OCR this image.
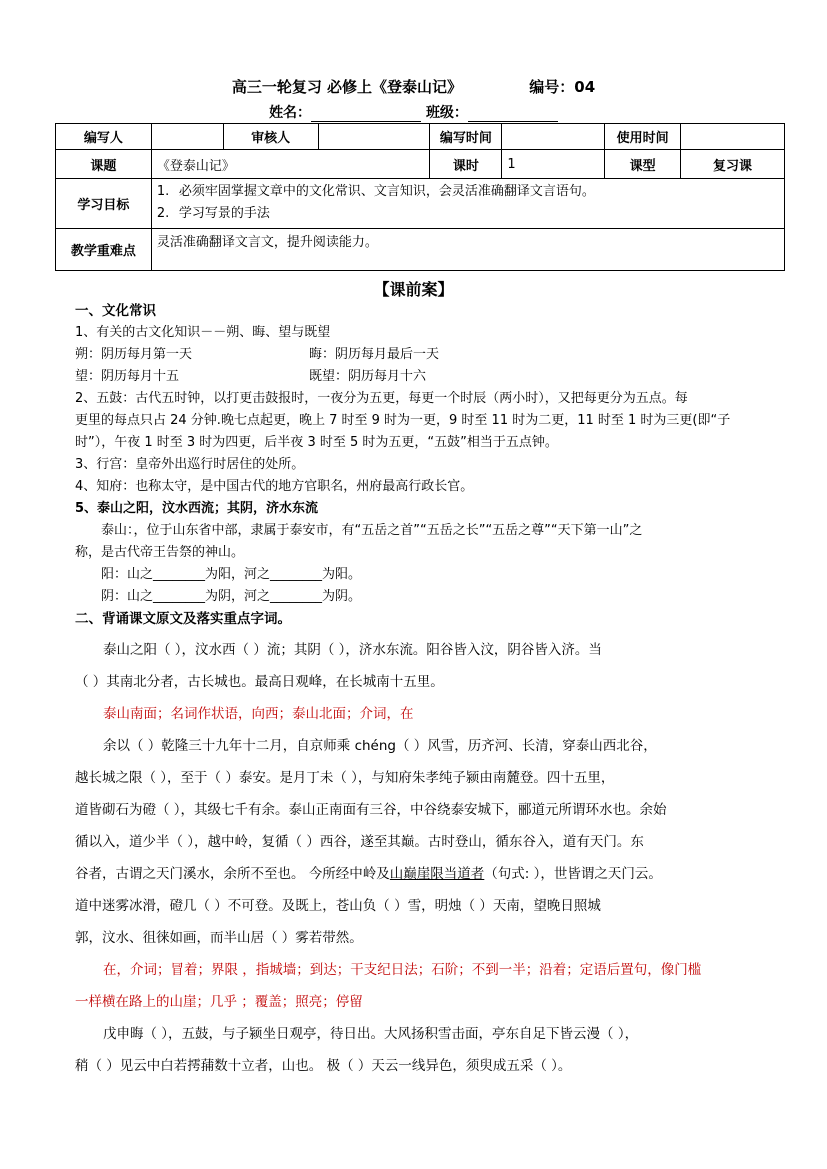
高三一轮复习 必修上《登泰山记》	编号：04
姓名：	班级：
编写人		审核人		编写时间		使用时间	
课题	《登泰山记》			课时	1	课型	复习课
学习目标	1. 必须牢固掌握文章中的文化常识、文言知识，会灵活准确翻译文言语句。
2. 学习写景的手法						

教学重难点	灵活准确翻译文言文，提升阅读能力。						
【课前案】
一、文化常识
1、有关的古文化知识－－朔、晦、望与既望
朔：阴历每月第一天	晦：阴历每月最后一天
望：阴历每月十五	既望：阴历每月十六
2、五鼓：古代五时钟，以打更击鼓报时，一夜分为五更，每更一个时辰（两小时），又把每更分为五点。每
更里的每点只占 24 分钟.晚七点起更，晚上 7 时至 9 时为一更，9 时至 11 时为二更，11 时至 1 时为三更(即“子
时”），午夜 1 时至 3 时为四更，后半夜 3 时至 5 时为五更，“五鼓”相当于五点钟。
3、行宫：皇帝外出巡行时居住的处所。
4、知府：也称太守，是中国古代的地方官职名，州府最高行政长官。
5、泰山之阳，汶水西流；其阴，济水东流
泰山：，位于山东省中部，隶属于泰安市，有“五岳之首”“五岳之长”“五岳之尊”“天下第一山”之
称，是古代帝王告祭的神山。
阳：山之________为阳，河之________为阳。
阴：山之________为阴，河之________为阴。
二、背诵课文原文及落实重点字词。
泰山之阳（ ），汶水西（ ）流；其阴（ ），济水东流。阳谷皆入汶，阴谷皆入济。当
（ ）其南北分者，古长城也。最高日观峰，在长城南十五里。
泰山南面；名词作状语，向西；泰山北面；介词，在
余以（ ）乾隆三十九年十二月，自京师乘 chéng（ ）风雪，历齐河、长清，穿泰山西北谷，
越长城之限（ ），至于（ ）泰安。是月丁未（ ），与知府朱孝纯子颍由南麓登。四十五里，
道皆砌石为磴（ ），其级七千有余。泰山正南面有三谷，中谷绕泰安城下，郦道元所谓环水也。余始
循以入，道少半（ ），越中岭，复循（ ）西谷，遂至其巅。古时登山，循东谷入，道有天门。东
谷者，古谓之天门溪水，余所不至也。 今所经中岭及山巅崖限当道者（句式: ），世皆谓之天门云。
道中迷雾冰滑，磴几（ ）不可登。及既上，苍山负（ ）雪，明烛（ ）天南，望晚日照城
郭，汶水、徂徕如画，而半山居（ ）雾若带然。
在，介词；冒着；界限 ，指城墙；到达；干支纪日法；石阶；不到一半；沿着；定语后置句，像门槛
一样横在路上的山崖；几乎 ；覆盖；照亮；停留
戊申晦（ ），五鼓，与子颍坐日观亭，待日出。大风扬积雪击面，亭东自足下皆云漫（ ），
稍（ ）见云中白若摴蒱数十立者，山也。 极（ ）天云一线异色，须臾成五采（ ）。
